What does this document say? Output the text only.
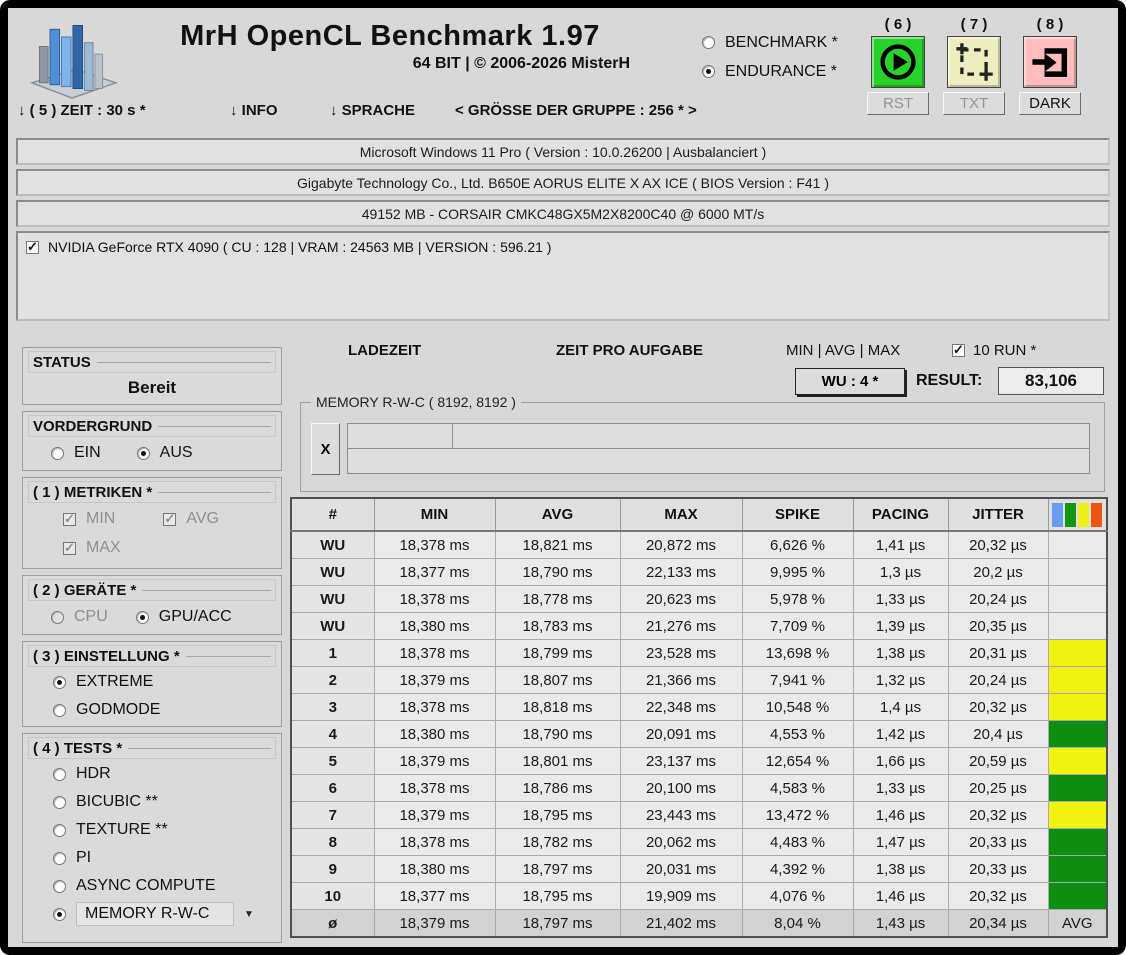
MrH OpenCL Benchmark 1.97
64 BIT | © 2006-2026 MisterH
BENCHMARK *
ENDURANCE *
( 6 )
RST
( 7 )
TXT
( 8 )
DARK
↓ ( 5 ) ZEIT : 30 s *	↓ INFO	↓ SPRACHE	< GRÖSSE DER GRUPPE : 256 * >
Microsoft Windows 11 Pro ( Version : 10.0.26200 | Ausbalanciert )
Gigabyte Technology Co., Ltd. B650E AORUS ELITE X AX ICE ( BIOS Version : F41 )
49152 MB - CORSAIR CMKC48GX5M2X8200C40 @ 6000 MT/s
✓
NVIDIA GeForce RTX 4090 ( CU : 128 | VRAM : 24563 MB | VERSION : 596.21 )
STATUS
Bereit
VORDERGRUND
EIN	AUS
( 1 ) METRIKEN *
✓
MIN ✓	AVG
✓
MAX
( 2 ) GERÄTE *
CPU	GPU/ACC
( 3 ) EINSTELLUNG *
EXTREME
GODMODE
( 4 ) TESTS *
HDR
BICUBIC **
TEXTURE **
PI
ASYNC COMPUTE
MEMORY R-W-C	▼
LADEZEIT	ZEIT PRO AUFGABE	MIN | AVG | MAX ✓	10 RUN *
WU : 4 *	RESULT:	83,106
MEMORY R-W-C ( 8192, 8192 )
X
#	MIN	AVG	MAX	SPIKE	PACING	JITTER	
WU	18,378 ms	18,821 ms	20,872 ms	6,626 %	1,41 µs	20,32 µs	
WU	18,377 ms	18,790 ms	22,133 ms	9,995 %	1,3 µs	20,2 µs	
WU	18,378 ms	18,778 ms	20,623 ms	5,978 %	1,33 µs	20,24 µs	
WU	18,380 ms	18,783 ms	21,276 ms	7,709 %	1,39 µs	20,35 µs	
1	18,378 ms	18,799 ms	23,528 ms	13,698 %	1,38 µs	20,31 µs	
2	18,379 ms	18,807 ms	21,366 ms	7,941 %	1,32 µs	20,24 µs	
3	18,378 ms	18,818 ms	22,348 ms	10,548 %	1,4 µs	20,32 µs	
4	18,380 ms	18,790 ms	20,091 ms	4,553 %	1,42 µs	20,4 µs	
5	18,379 ms	18,801 ms	23,137 ms	12,654 %	1,66 µs	20,59 µs	
6	18,378 ms	18,786 ms	20,100 ms	4,583 %	1,33 µs	20,25 µs	
7	18,379 ms	18,795 ms	23,443 ms	13,472 %	1,46 µs	20,32 µs	
8	18,378 ms	18,782 ms	20,062 ms	4,483 %	1,47 µs	20,33 µs	
9	18,380 ms	18,797 ms	20,031 ms	4,392 %	1,38 µs	20,33 µs	
10	18,377 ms	18,795 ms	19,909 ms	4,076 %	1,46 µs	20,32 µs	
ø	18,379 ms	18,797 ms	21,402 ms	8,04 %	1,43 µs	20,34 µs	AVG
